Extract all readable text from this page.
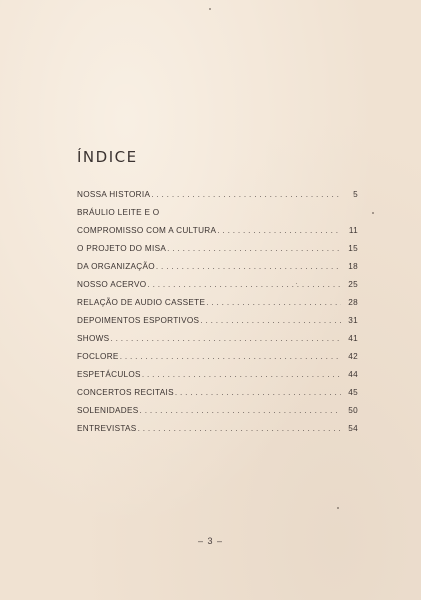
ÍNDICE
NOSSA HISTORIA . . .	5
BRÁULIO LEITE E O
COMPROMISSO COM A CULTURA . . .	11
O PROJETO DO MISA . . .	15
DA ORGANIZAÇÃO . . .	18
NOSSO ACERVO . . .	25
RELAÇÃO DE AUDIO CASSETE . . .	28
DEPOIMENTOS ESPORTIVOS . . .	31
SHOWS . . .	41
FOCLORE . . .	42
ESPETÁCULOS . . .	44
CONCERTOS RECITAIS . . .	45
SOLENIDADES . . .	50
ENTREVISTAS . . .	54
– 3 –
